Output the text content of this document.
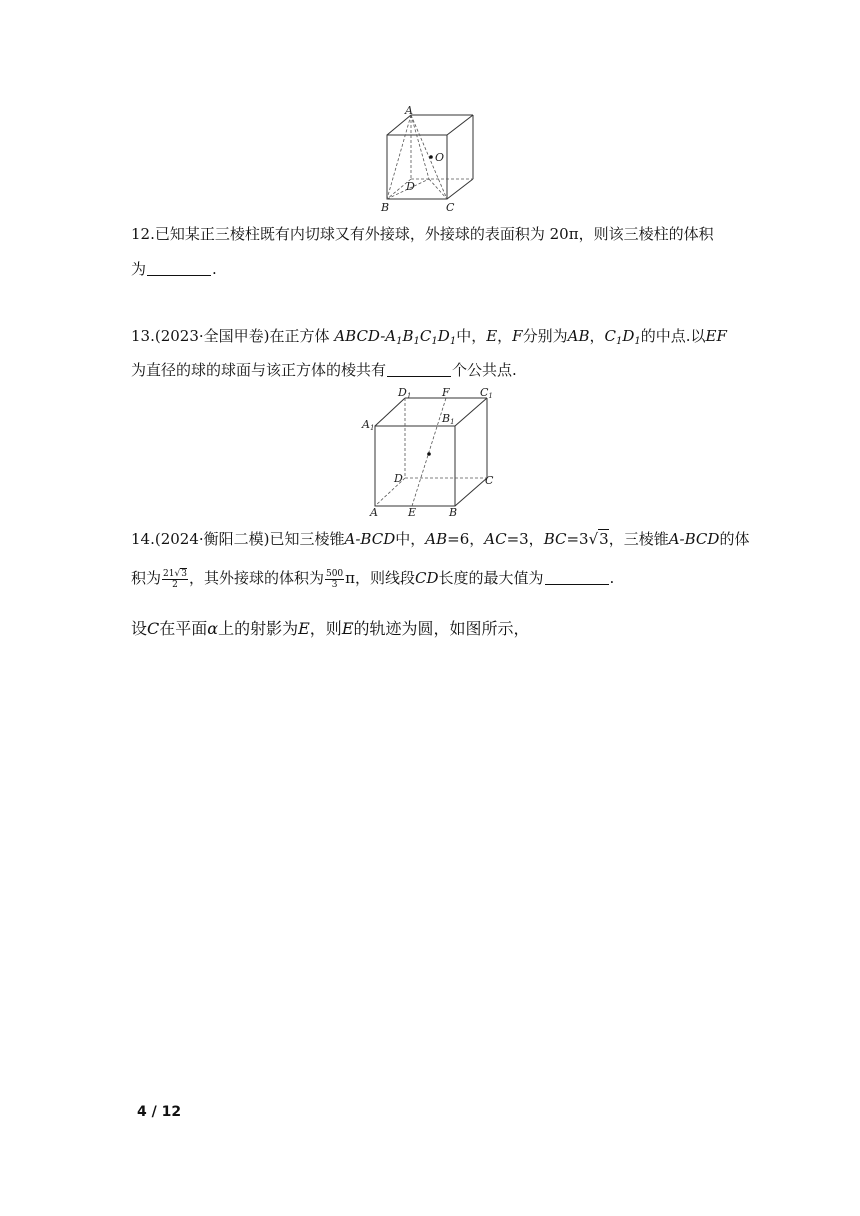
A
O
D
B	C
12.已知某正三棱柱既有内切球又有外接球，外接球的表面积为 20π，则该三棱柱的体积
为	.
13.(2023·全国甲卷)在正方体 ABCD-$A_1B_1C_1D_1$中，E，F分别为AB，$C_1D_1$的中点.以EF
为直径的球的球面与该正方体的棱共有	个公共点.
D1	F	C1
A1
B1
D	C
A	E	B
14.(2024·衡阳二模)已知三棱锥A-BCD中，AB=6，AC=3，BC=3√3，三棱锥A-BCD的体
积为 $\frac{21√3}{2}$ ，其外接球的体积为 $\frac{500}{3}$ π，则线段CD长度的最大值为	.
设C在平面α上的射影为E，则E的轨迹为圆，如图所示，
4 / 12
